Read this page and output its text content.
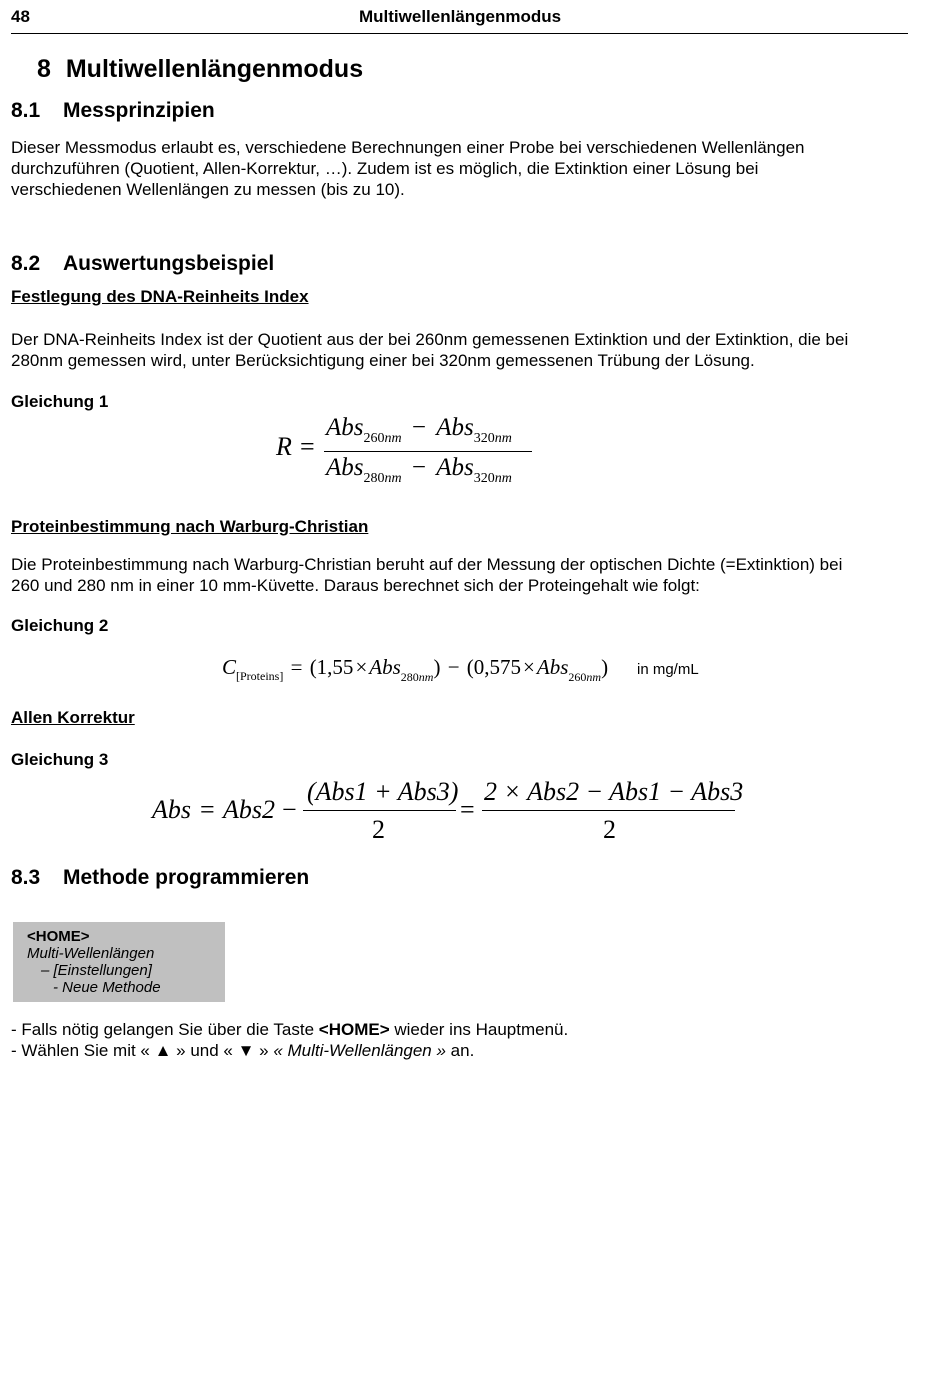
48	Multiwellenlängenmodus
8 Multiwellenlängenmodus
8.1 Messprinzipien
Dieser Messmodus erlaubt es, verschiedene Berechnungen einer Probe bei verschiedenen Wellenlängen
durchzuführen (Quotient, Allen-Korrektur, …). Zudem ist es möglich, die Extinktion einer Lösung bei
verschiedenen Wellenlängen zu messen (bis zu 10).
8.2 Auswertungsbeispiel
Festlegung des DNA-Reinheits Index
Der DNA-Reinheits Index ist der Quotient aus der bei 260nm gemessenen Extinktion und der Extinktion, die bei
280nm gemessen wird, unter Berücksichtigung einer bei 320nm gemessenen Trübung der Lösung.
Gleichung 1
R =
Abs$_{260nm}$ − Abs$_{320nm}$
Abs$_{280nm}$ − Abs$_{320nm}$
Proteinbestimmung nach Warburg-Christian
Die Proteinbestimmung nach Warburg-Christian beruht auf der Messung der optischen Dichte (=Extinktion) bei
260 und 280 nm in einer 10 mm-Küvette. Daraus berechnet sich der Proteingehalt wie folgt:
Gleichung 2
$C_{[Proteins]} = (1,55\times Abs_{280nm}) - (0,575\times Abs_{260nm})$ in mg/mL
Allen Korrektur
Gleichung 3
Abs = Abs2 −
(Abs1 + Abs3)
2
=
2 × Abs2 − Abs1 − Abs3
2
8.3 Methode programmieren
<HOME>
Multi-Wellenlängen
– [Einstellungen]
- Neue Methode
- Falls nötig gelangen Sie über die Taste <HOME> wieder ins Hauptmenü.
- Wählen Sie mit « ▲ » und « ▼ » « Multi-Wellenlängen » an.
